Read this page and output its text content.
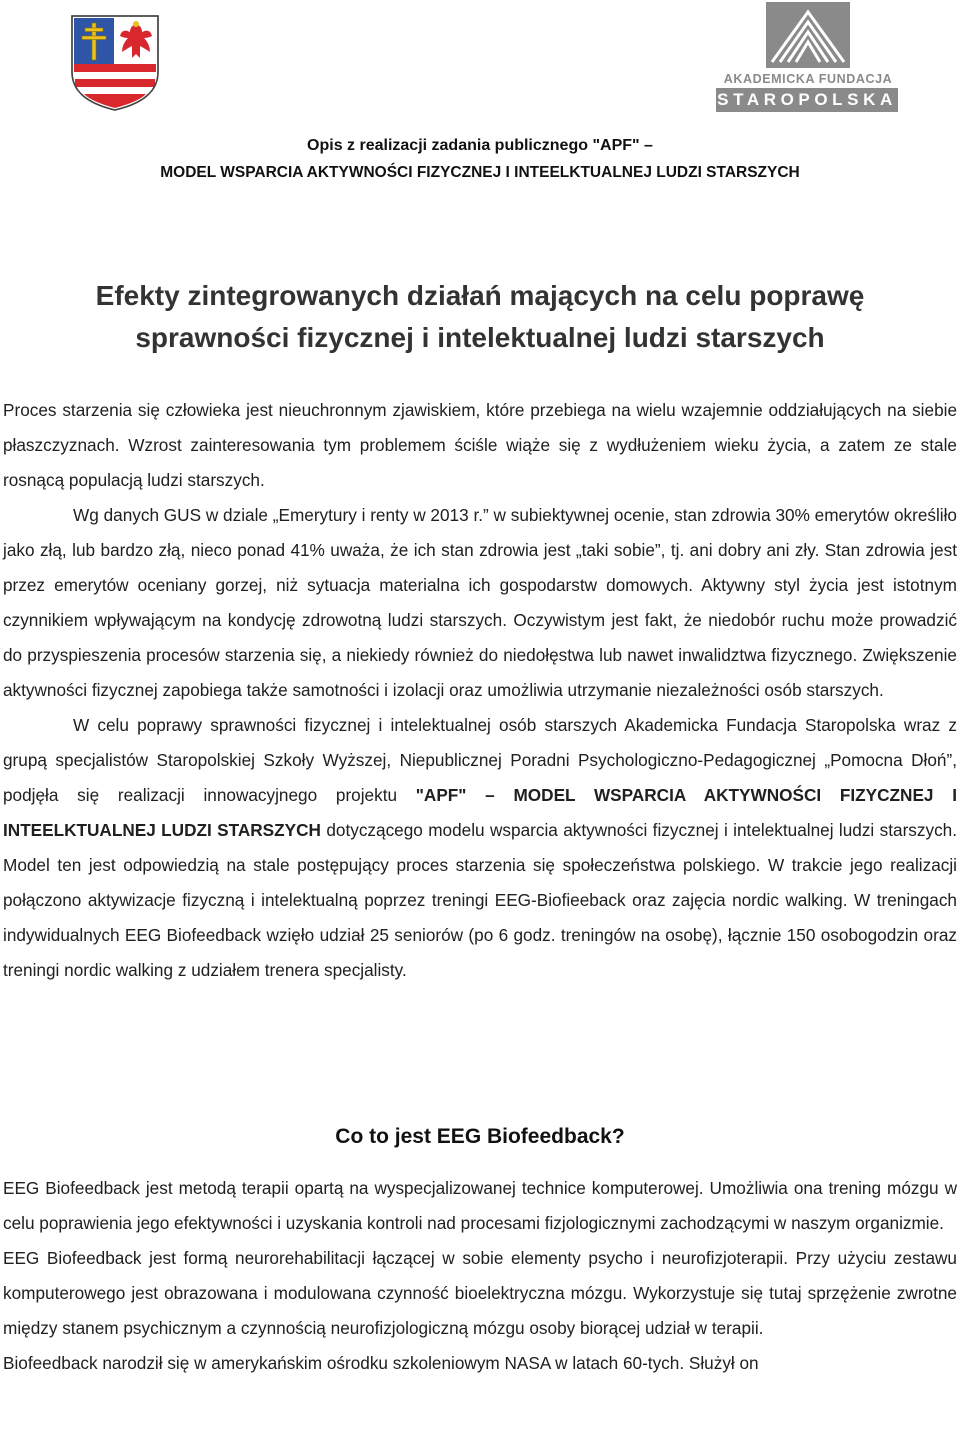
AKADEMICKA FUNDACJA
STAROPOLSKA
Opis z realizacji zadania publicznego "APF" –
MODEL WSPARCIA AKTYWNOŚCI FIZYCZNEJ I INTEELKTUALNEJ LUDZI STARSZYCH
Efekty zintegrowanych działań mających na celu poprawę
sprawności fizycznej i intelektualnej ludzi starszych

Proces starzenia się człowieka jest nieuchronnym zjawiskiem, które przebiega na wielu wzajemnie oddziałujących na siebie płaszczyznach. Wzrost zainteresowania tym problemem ściśle wiąże się z wydłużeniem wieku życia, a zatem ze stale rosnącą populacją ludzi starszych.

Wg danych GUS w dziale „Emerytury i renty w 2013 r.” w subiektywnej ocenie, stan zdrowia 30% emerytów określiło jako złą, lub bardzo złą, nieco ponad 41% uważa, że ich stan zdrowia jest „taki sobie”, tj. ani dobry ani zły. Stan zdrowia jest przez emerytów oceniany gorzej, niż sytuacja materialna ich gospodarstw domowych. Aktywny styl życia jest istotnym czynnikiem wpływającym na kondycję zdrowotną ludzi starszych. Oczywistym jest fakt, że niedobór ruchu może prowadzić do przyspieszenia procesów starzenia się, a niekiedy również do niedołęstwa lub nawet inwalidztwa fizycznego. Zwiększenie aktywności fizycznej zapobiega także samotności i izolacji oraz umożliwia utrzymanie niezależności osób starszych.

W celu poprawy sprawności fizycznej i intelektualnej osób starszych Akademicka Fundacja Staropolska wraz z grupą specjalistów Staropolskiej Szkoły Wyższej, Niepublicznej Poradni Psychologiczno-Pedagogicznej „Pomocna Dłoń”, podjęła się realizacji innowacyjnego projektu "APF" – MODEL WSPARCIA AKTYWNOŚCI FIZYCZNEJ I INTEELKTUALNEJ LUDZI STARSZYCH dotyczącego modelu wsparcia aktywności fizycznej i intelektualnej ludzi starszych. Model ten jest odpowiedzią na stale postępujący proces starzenia się społeczeństwa polskiego. W trakcie jego realizacji połączono aktywizacje fizyczną i intelektualną poprzez treningi EEG-Biofieeback oraz zajęcia nordic walking. W treningach indywidualnych EEG Biofeedback wzięło udział 25 seniorów (po 6 godz. treningów na osobę), łącznie 150 osobogodzin oraz treningi nordic walking z udziałem trenera specjalisty.

Co to jest EEG Biofeedback?

EEG Biofeedback jest metodą terapii opartą na wyspecjalizowanej technice komputerowej. Umożliwia ona trening mózgu w celu poprawienia jego efektywności i uzyskania kontroli nad procesami fizjologicznymi zachodzącymi w naszym organizmie.

EEG Biofeedback jest formą neurorehabilitacji łączącej w sobie elementy psycho i neurofizjoterapii. Przy użyciu zestawu komputerowego jest obrazowana i modulowana czynność bioelektryczna mózgu. Wykorzystuje się tutaj sprzężenie zwrotne między stanem psychicznym a czynnością neurofizjologiczną mózgu osoby biorącej udział w terapii.

Biofeedback narodził się w amerykańskim ośrodku szkoleniowym NASA w latach 60-tych. Służył on
